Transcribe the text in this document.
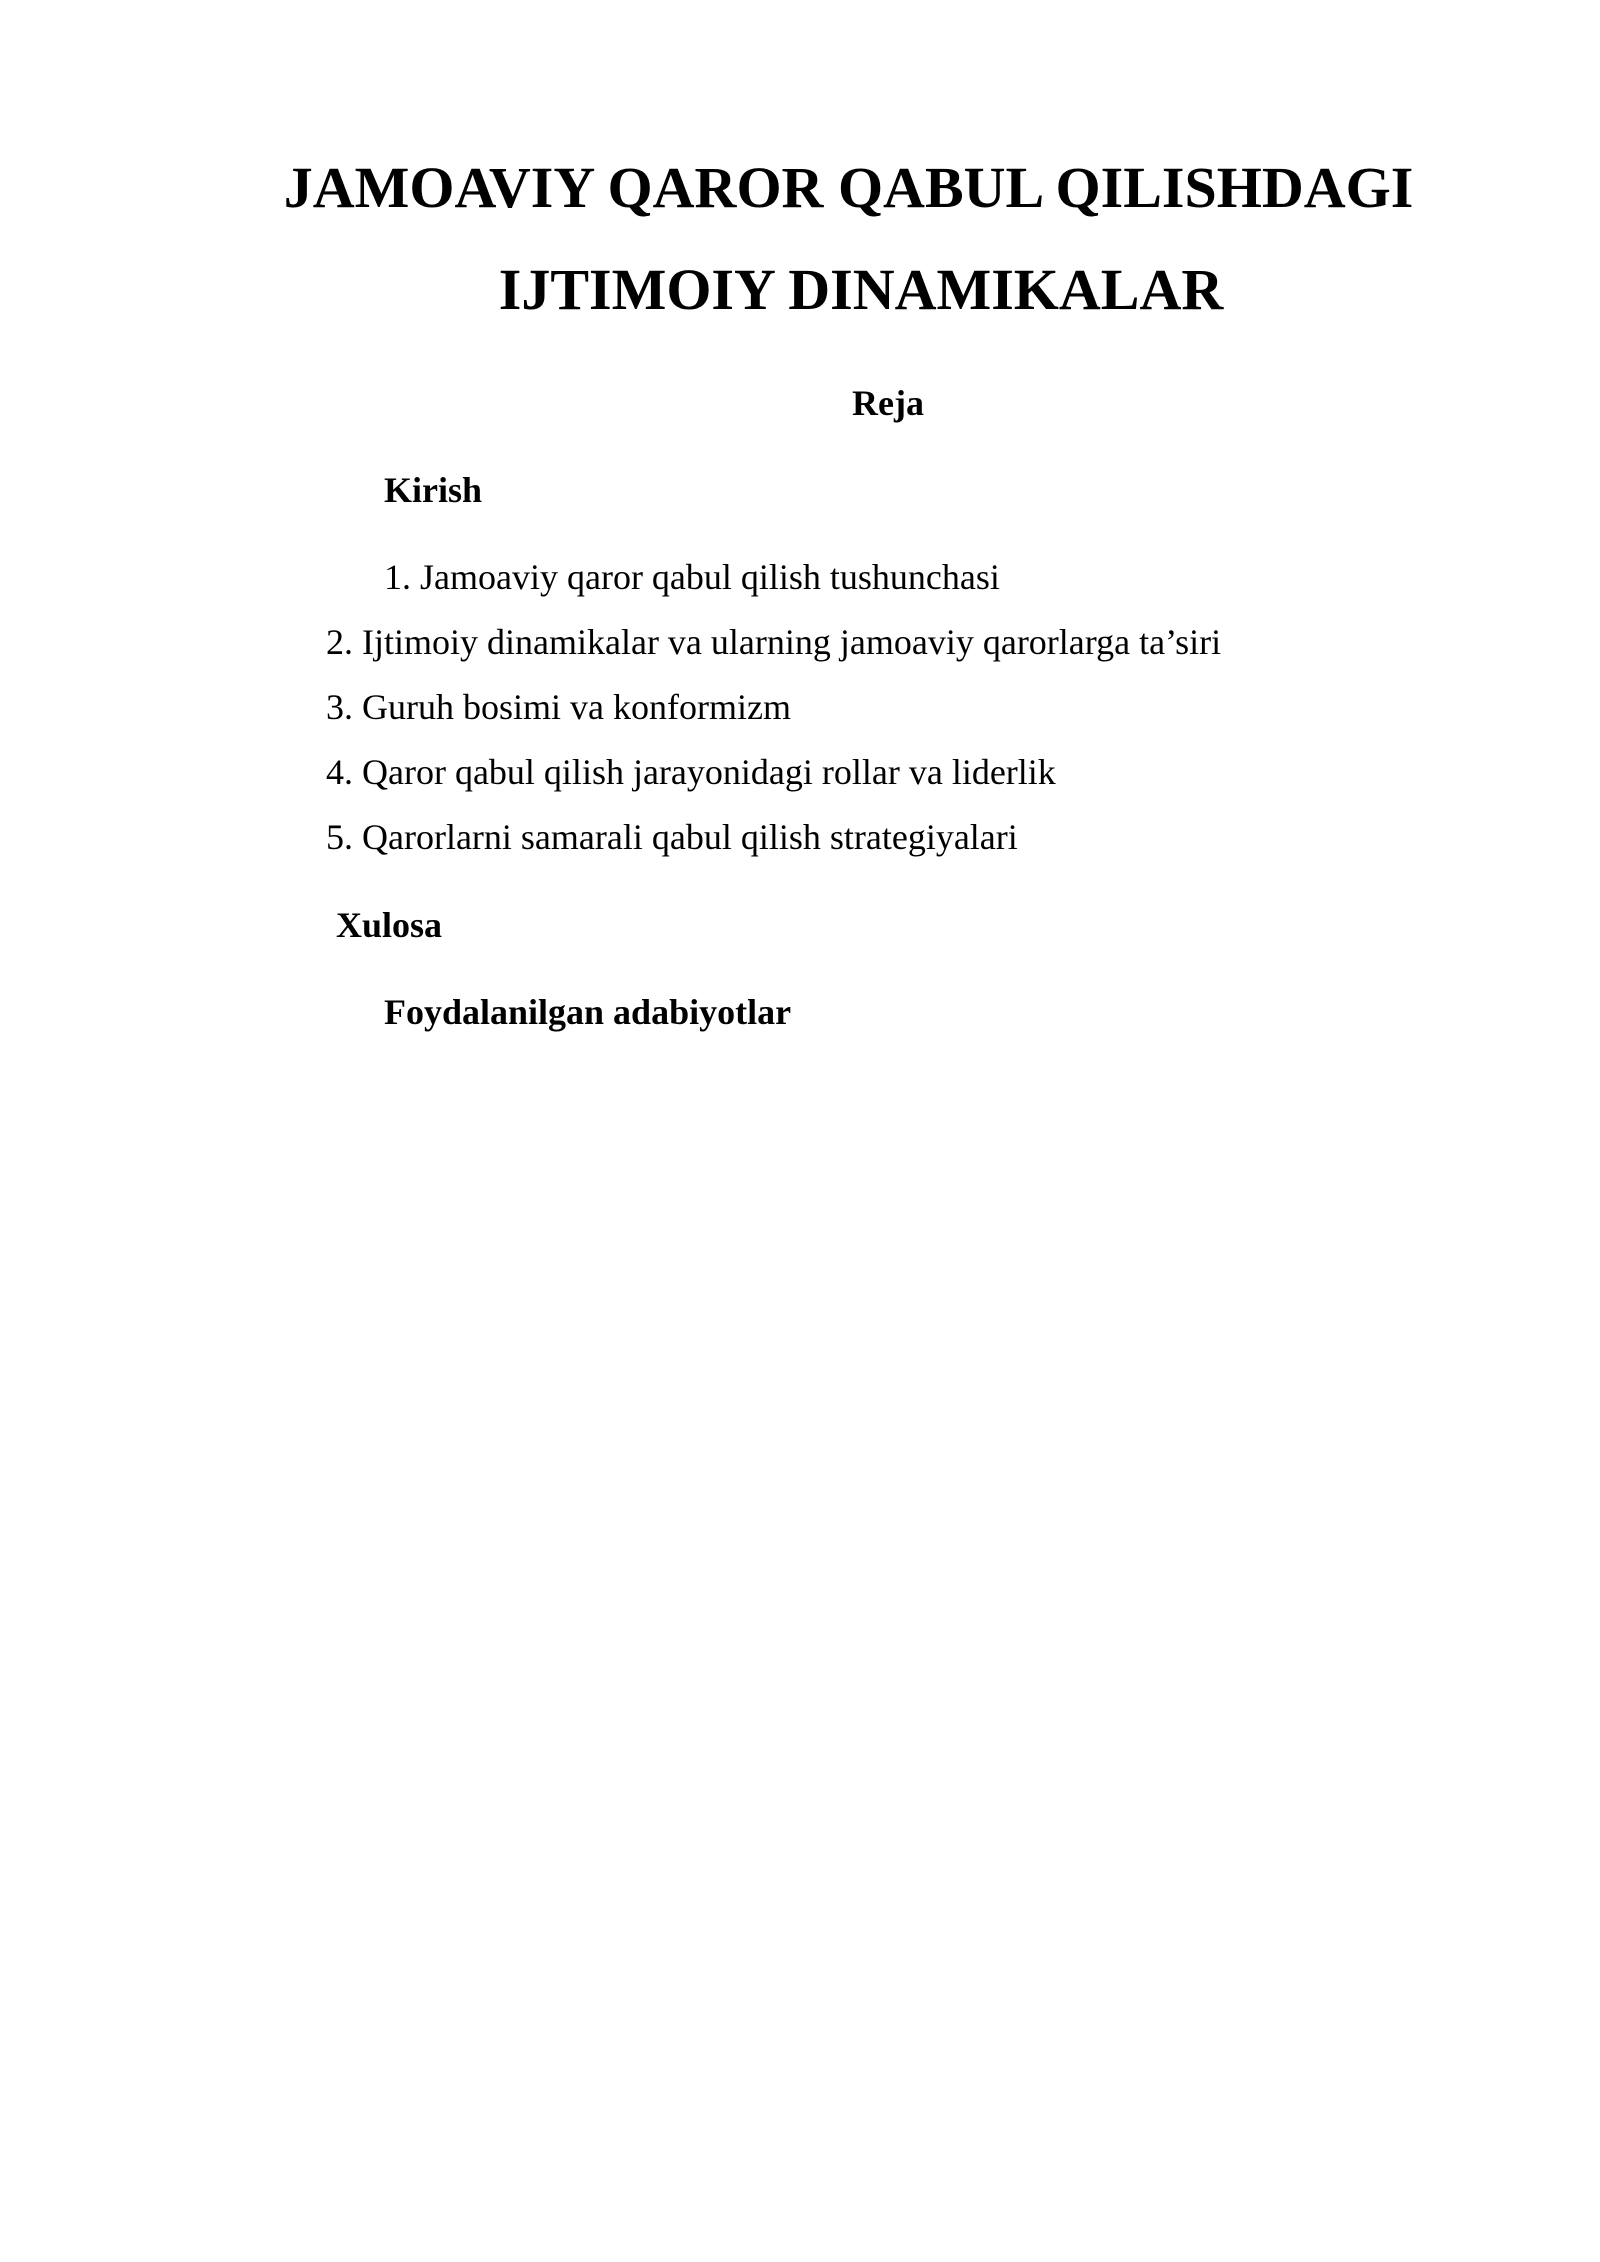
JAMOAVIY QAROR QABUL QILISHDAGI
IJTIMOIY DINAMIKALAR
Reja
Kirish
1. Jamoaviy qaror qabul qilish tushunchasi
2. Ijtimoiy dinamikalar va ularning jamoaviy qarorlarga ta’siri
3. Guruh bosimi va konformizm
4. Qaror qabul qilish jarayonidagi rollar va liderlik
5. Qarorlarni samarali qabul qilish strategiyalari
Xulosa
Foydalanilgan adabiyotlar
